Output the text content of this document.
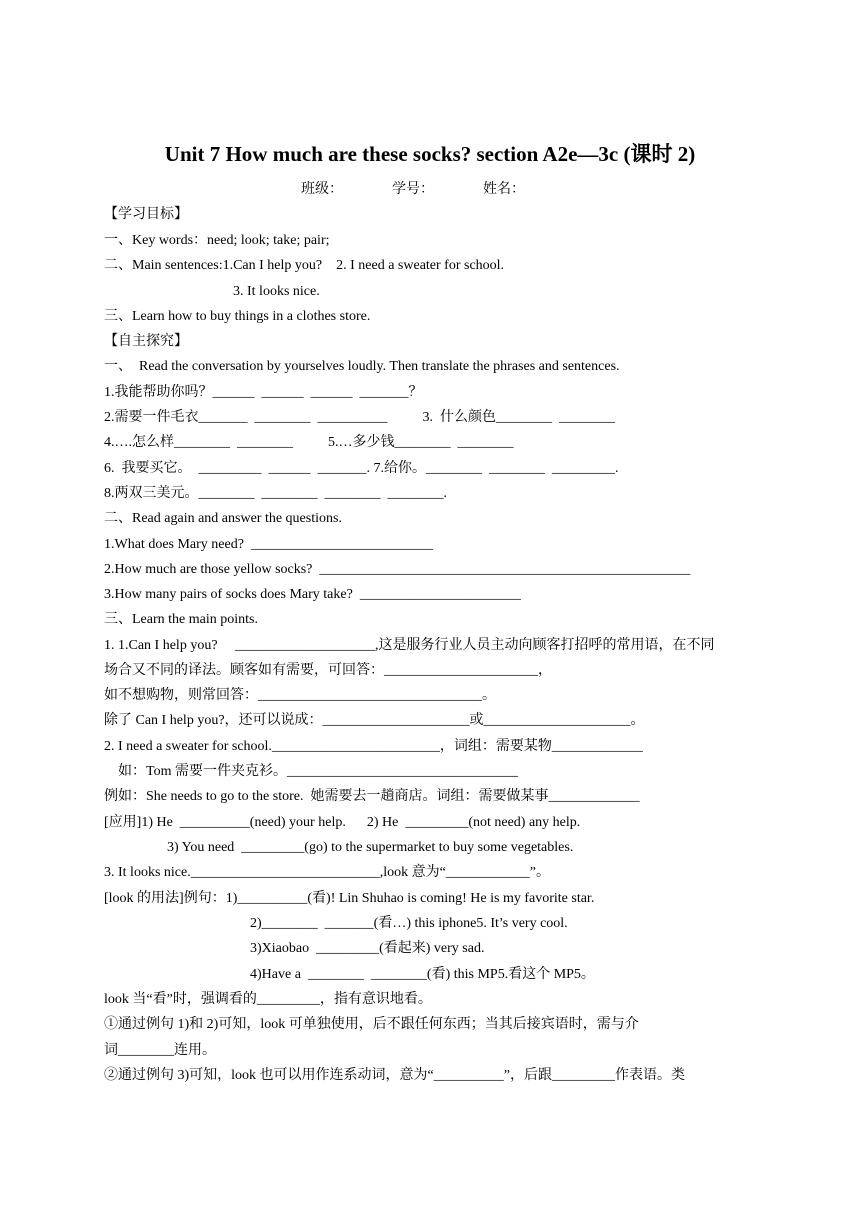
Unit 7 How much are these socks? section A2e—3c (课时 2)
班级：              学号：              姓名：
【学习目标】
一、Key words：need; look; take; pair;
二、Main sentences:1.Can I help you?    2. I need a sweater for school.
3. It looks nice.
三、Learn how to buy things in a clothes store.
【自主探究】
一、  Read the conversation by yourselves loudly. Then translate the phrases and sentences.
1.我能帮助你吗？______  ______  ______  _______？
2.需要一件毛衣_______  ________  __________          3.  什么颜色________  ________
4.….怎么样________  ________          5.…多少钱________  ________
6.  我要买它。  _________  ______  _______. 7.给你。________  ________  _________.
8.两双三美元。________  ________  ________  ________.
二、Read again and answer the questions.
1.What does Mary need?  __________________________
2.How much are those yellow socks?  _____________________________________________________
3.How many pairs of socks does Mary take?  _______________________
三、Learn the main points.
1. 1.Can I help you?     ____________________,这是服务行业人员主动向顾客打招呼的常用语，在不同
场合又不同的译法。顾客如有需要，可回答：______________________，
如不想购物，则常回答：________________________________。
除了 Can I help you?，还可以说成：_____________________或_____________________。
2. I need a sweater for school.________________________，词组：需要某物_____________
如：Tom 需要一件夹克衫。_________________________________
例如：She needs to go to the store.  她需要去一趟商店。词组：需要做某事_____________
[应用]1) He  __________(need) your help.      2) He  _________(not need) any help.
3) You need  _________(go) to the supermarket to buy some vegetables.
3. It looks nice.___________________________,look 意为“____________”。
[look 的用法]例句：1)__________(看)! Lin Shuhao is coming! He is my favorite star.
2)________  _______(看…) this iphone5. It’s very cool.
3)Xiaobao  _________(看起来) very sad.
4)Have a  ________  ________(看) this MP5.看这个 MP5。
look 当“看”时，强调看的_________，指有意识地看。
①通过例句 1)和 2)可知，look 可单独使用，后不跟任何东西；当其后接宾语时，需与介
词________连用。
②通过例句 3)可知，look 也可以用作连系动词，意为“__________”，后跟_________作表语。类
